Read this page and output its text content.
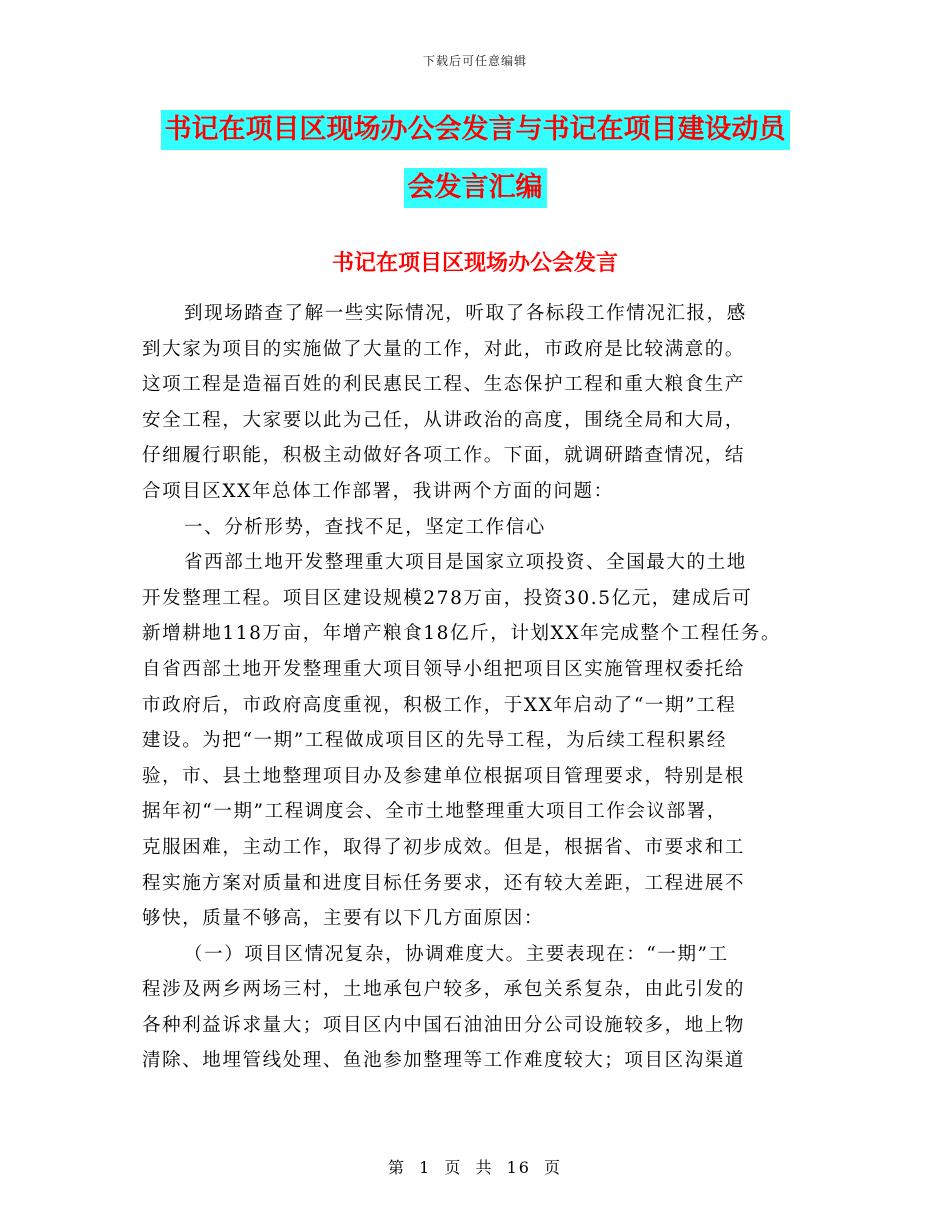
下载后可任意编辑
书记在项目区现场办公会发言与书记在项目建设动员
会发言汇编
书记在项目区现场办公会发言
到现场踏查了解一些实际情况，听取了各标段工作情况汇报，感
到大家为项目的实施做了大量的工作，对此，市政府是比较满意的。
这项工程是造福百姓的利民惠民工程、生态保护工程和重大粮食生产
安全工程，大家要以此为己任，从讲政治的高度，围绕全局和大局，
仔细履行职能，积极主动做好各项工作。下面，就调研踏查情况，结
合项目区XX年总体工作部署，我讲两个方面的问题：
一、分析形势，查找不足，坚定工作信心
省西部土地开发整理重大项目是国家立项投资、全国最大的土地
开发整理工程。项目区建设规模278万亩，投资30.5亿元，建成后可
新增耕地118万亩，年增产粮食18亿斤，计划XX年完成整个工程任务。
自省西部土地开发整理重大项目领导小组把项目区实施管理权委托给
市政府后，市政府高度重视，积极工作，于XX年启动了“一期”工程
建设。为把“一期”工程做成项目区的先导工程，为后续工程积累经
验，市、县土地整理项目办及参建单位根据项目管理要求，特别是根
据年初“一期”工程调度会、全市土地整理重大项目工作会议部署，
克服困难，主动工作，取得了初步成效。但是，根据省、市要求和工
程实施方案对质量和进度目标任务要求，还有较大差距，工程进展不
够快，质量不够高，主要有以下几方面原因：
（一）项目区情况复杂，协调难度大。主要表现在：“一期”工
程涉及两乡两场三村，土地承包户较多，承包关系复杂，由此引发的
各种利益诉求量大；项目区内中国石油油田分公司设施较多，地上物
清除、地埋管线处理、鱼池参加整理等工作难度较大；项目区沟渠道
第 1 页 共 16 页
